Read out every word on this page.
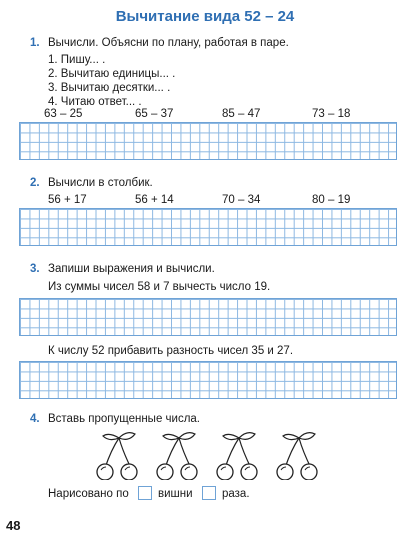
Вычитание вида 52 – 24
1. Вычисли. Объясни по плану, работая в паре.
1. Пишу... .
2. Вычитаю единицы... .
3. Вычитаю десятки... .
4. Читаю ответ... .
63 – 25	65 – 37	85 – 47	73 – 18
2. Вычисли в столбик.
56 + 17	56 + 14	70 – 34	80 – 19
3. Запиши выражения и вычисли.
Из суммы чисел 58 и 7 вычесть число 19.
К числу 52 прибавить разность чисел 35 и 27.
4. Вставь пропущенные числа.
Нарисовано по	вишни	раза.
48
